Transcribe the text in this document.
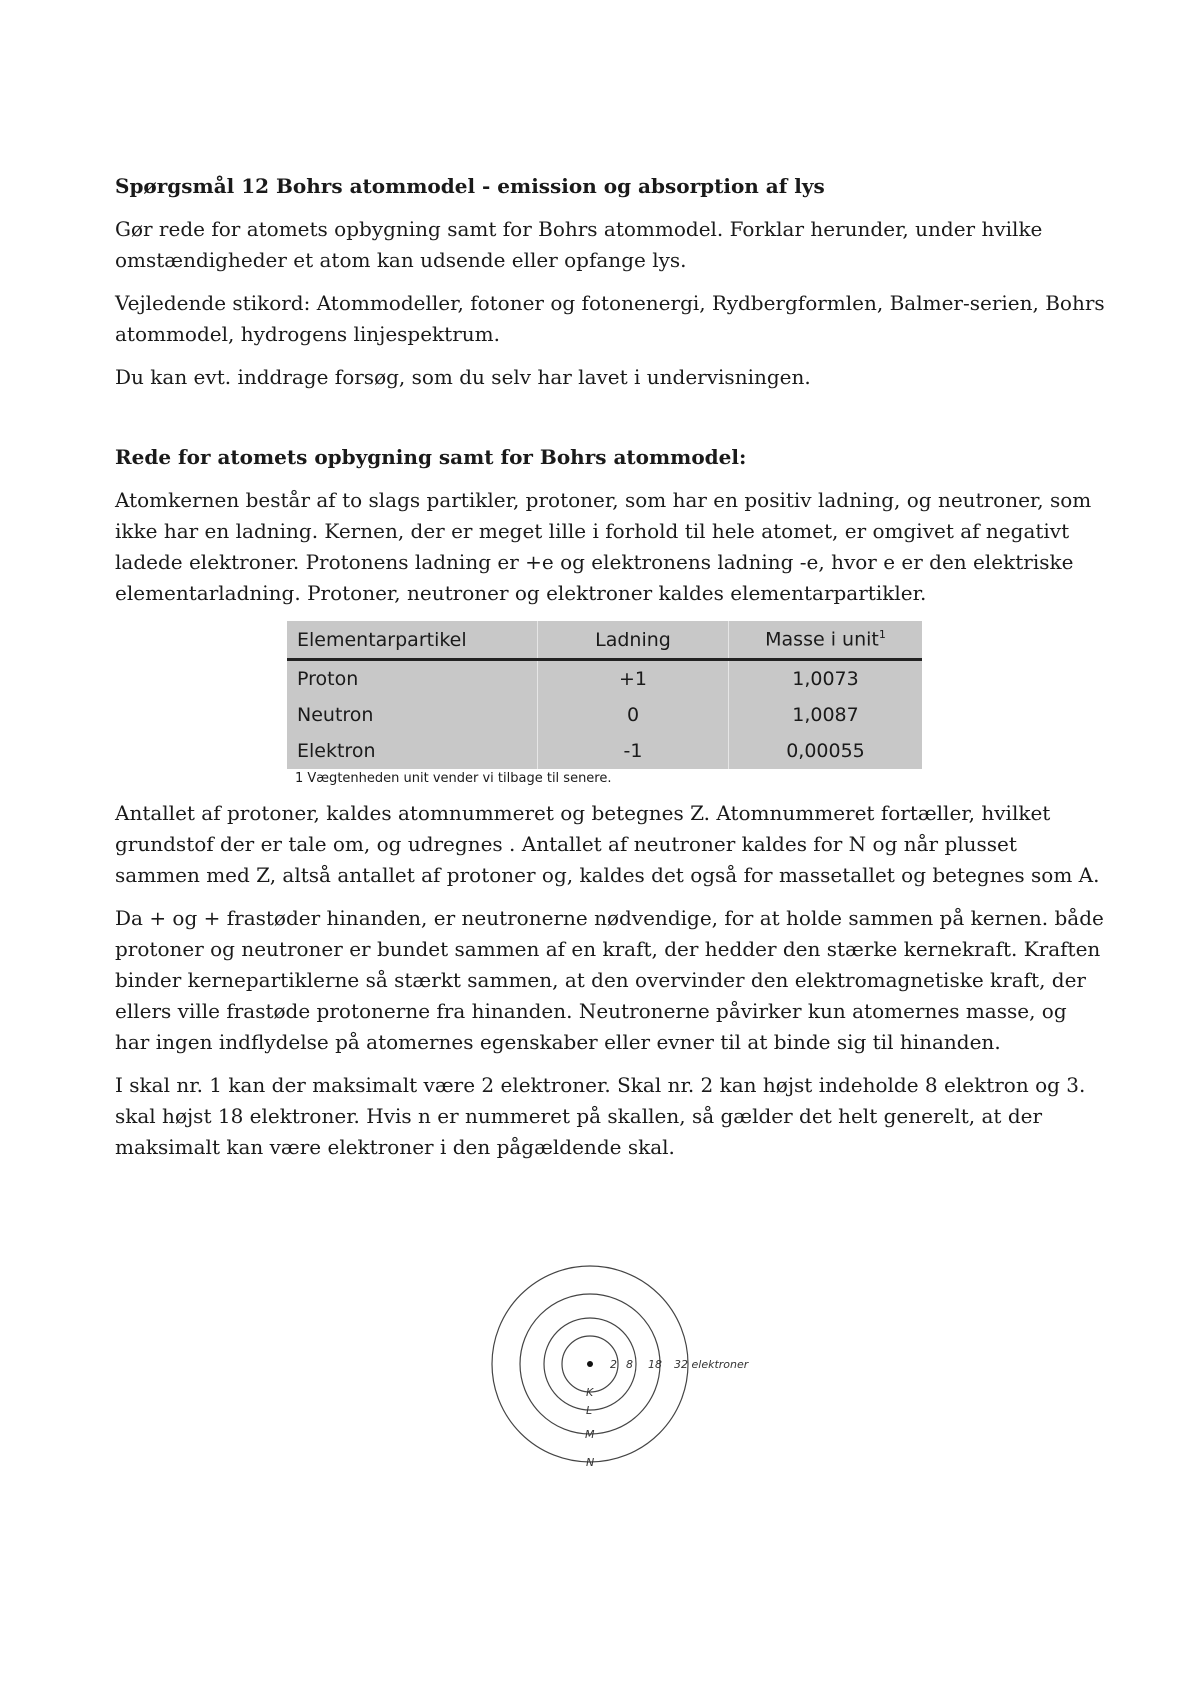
Spørgsmål 12 Bohrs atommodel - emission og absorption af lys

Gør rede for atomets opbygning samt for Bohrs atommodel. Forklar herunder, under hvilke omstændigheder et atom kan udsende eller opfange lys.

Vejledende stikord: Atommodeller, fotoner og fotonenergi, Rydbergformlen, Balmer-serien, Bohrs atommodel, hydrogens linjespektrum.

Du kan evt. inddrage forsøg, som du selv har lavet i undervisningen.

Rede for atomets opbygning samt for Bohrs atommodel:

Atomkernen består af to slags partikler, protoner, som har en positiv ladning, og neutroner, som ikke har en ladning. Kernen, der er meget lille i forhold til hele atomet, er omgivet af negativt ladede elektroner. Protonens ladning er +e og elektronens ladning -e, hvor e er den elektriske elementarladning. Protoner, neutroner og elektroner kaldes elementarpartikler.

Elementarpartikel	Ladning	Masse i unit$^1$
Proton	+1	1,0073
Neutron	0	1,0087
Elektron	-1	0,00055
1 Vægtenheden unit vender vi tilbage til senere.

Antallet af protoner, kaldes atomnummeret og betegnes Z. Atomnummeret fortæller, hvilket grundstof der er tale om, og udregnes . Antallet af neutroner kaldes for N og når plusset sammen med Z, altså antallet af protoner og, kaldes det også for massetallet og betegnes som A.

Da + og + frastøder hinanden, er neutronerne nødvendige, for at holde sammen på kernen. både protoner og neutroner er bundet sammen af en kraft, der hedder den stærke kernekraft. Kraften binder kernepartiklerne så stærkt sammen, at den overvinder den elektromagnetiske kraft, der ellers ville frastøde protonerne fra hinanden. Neutronerne påvirker kun atomernes masse, og har ingen indflydelse på atomernes egenskaber eller evner til at binde sig til hinanden.

I skal nr. 1 kan der maksimalt være 2 elektroner. Skal nr. 2 kan højst indeholde 8 elektron og 3. skal højst 18 elektroner. Hvis n er nummeret på skallen, så gælder det helt generelt, at der maksimalt kan være elektroner i den pågældende skal.

2 8 18 32 elektroner
K
L
M
N
